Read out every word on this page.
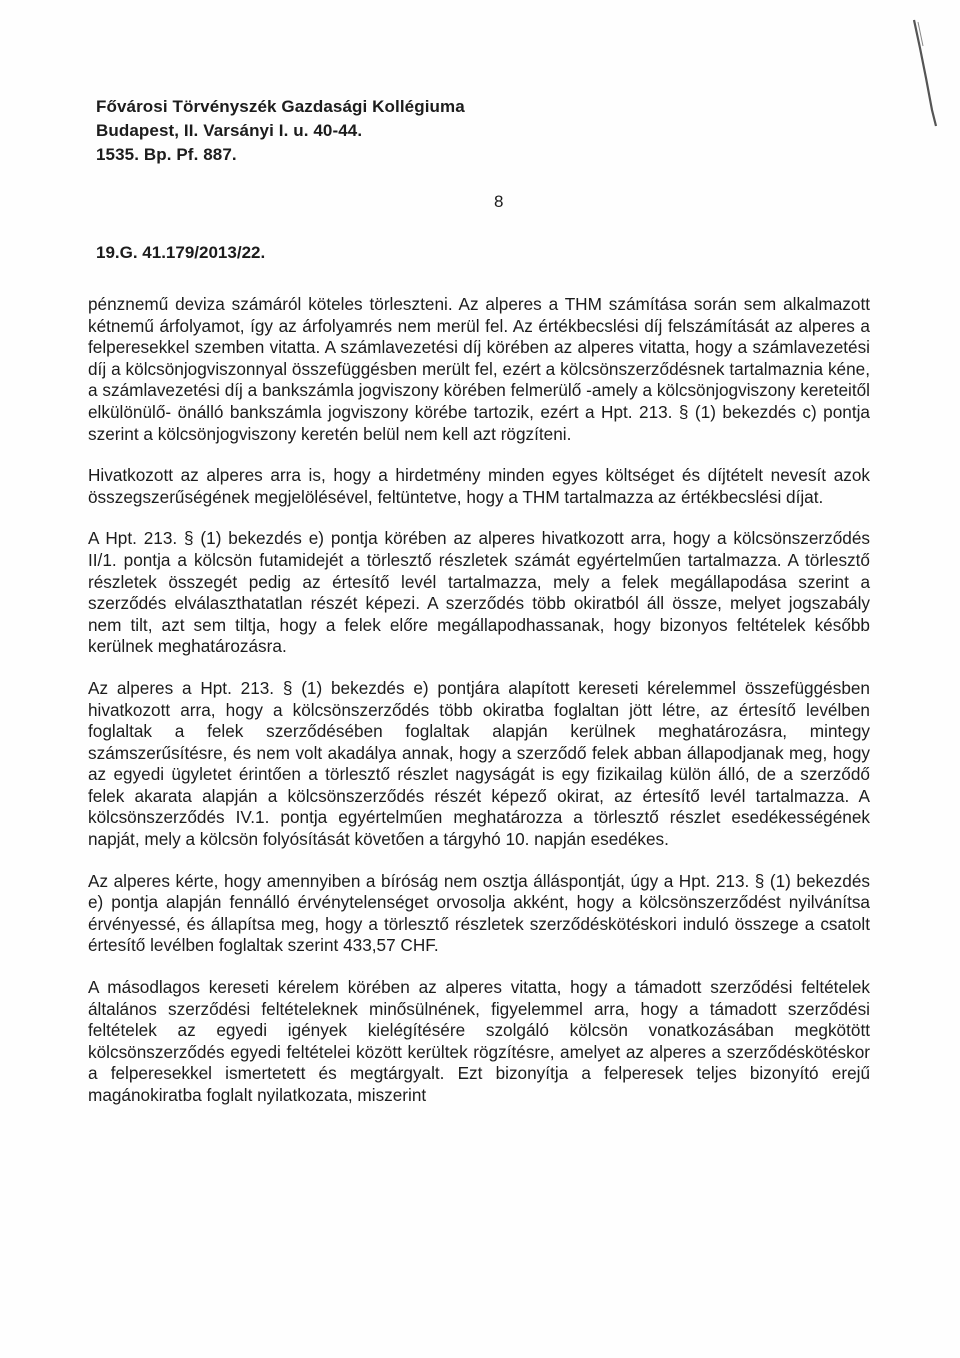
Fővárosi Törvényszék Gazdasági Kollégiuma
Budapest, II. Varsányi I. u. 40-44.
1535. Bp. Pf. 887.
8
19.G. 41.179/2013/22.

pénznemű deviza számáról köteles törleszteni. Az alperes a THM számítása során sem alkalmazott kétnemű árfolyamot, így az árfolyamrés nem merül fel. Az értékbecslési díj felszámítását az alperes a felperesekkel szemben vitatta. A számlavezetési díj körében az alperes vitatta, hogy a számlavezetési díj a kölcsönjogviszonnyal összefüggésben merült fel, ezért a kölcsönszerződésnek tartalmaznia kéne, a számlavezetési díj a bankszámla jogviszony körében felmerülő -amely a kölcsönjogviszony kereteitől elkülönülő- önálló bankszámla jogviszony körébe tartozik, ezért a Hpt. 213. § (1) bekezdés c) pontja szerint a kölcsönjogviszony keretén belül nem kell azt rögzíteni.

Hivatkozott az alperes arra is, hogy a hirdetmény minden egyes költséget és díjtételt nevesít azok összegszerűségének megjelölésével, feltüntetve, hogy a THM tartalmazza az értékbecslési díjat.

A Hpt. 213. § (1) bekezdés e) pontja körében az alperes hivatkozott arra, hogy a kölcsönszerződés II/1. pontja a kölcsön futamidejét a törlesztő részletek számát egyértelműen tartalmazza. A törlesztő részletek összegét pedig az értesítő levél tartalmazza, mely a felek megállapodása szerint a szerződés elválaszthatatlan részét képezi. A szerződés több okiratból áll össze, melyet jogszabály nem tilt, azt sem tiltja, hogy a felek előre megállapodhassanak, hogy bizonyos feltételek később kerülnek meghatározásra.

Az alperes a Hpt. 213. § (1) bekezdés e) pontjára alapított kereseti kérelemmel összefüggésben hivatkozott arra, hogy a kölcsönszerződés több okiratba foglaltan jött létre, az értesítő levélben foglaltak a felek szerződésében foglaltak alapján kerülnek meghatározásra, mintegy számszerűsítésre, és nem volt akadálya annak, hogy a szerződő felek abban állapodjanak meg, hogy az egyedi ügyletet érintően a törlesztő részlet nagyságát is egy fizikailag külön álló, de a szerződő felek akarata alapján a kölcsönszerződés részét képező okirat, az értesítő levél tartalmazza. A kölcsönszerződés IV.1. pontja egyértelműen meghatározza a törlesztő részlet esedékességének napját, mely a kölcsön folyósítását követően a tárgyhó 10. napján esedékes.

Az alperes kérte, hogy amennyiben a bíróság nem osztja álláspontját, úgy a Hpt. 213. § (1) bekezdés e) pontja alapján fennálló érvénytelenséget orvosolja akként, hogy a kölcsönszerződést nyilvánítsa érvényessé, és állapítsa meg, hogy a törlesztő részletek szerződéskötéskori induló összege a csatolt értesítő levélben foglaltak szerint 433,57 CHF.

A másodlagos kereseti kérelem körében az alperes vitatta, hogy a támadott szerződési feltételek általános szerződési feltételeknek minősülnének, figyelemmel arra, hogy a támadott szerződési feltételek az egyedi igények kielégítésére szolgáló kölcsön vonatkozásában megkötött kölcsönszerződés egyedi feltételei között kerültek rögzítésre, amelyet az alperes a szerződéskötéskor a felperesekkel ismertetett és megtárgyalt. Ezt bizonyítja a felperesek teljes bizonyító erejű magánokiratba foglalt nyilatkozata, miszerint
